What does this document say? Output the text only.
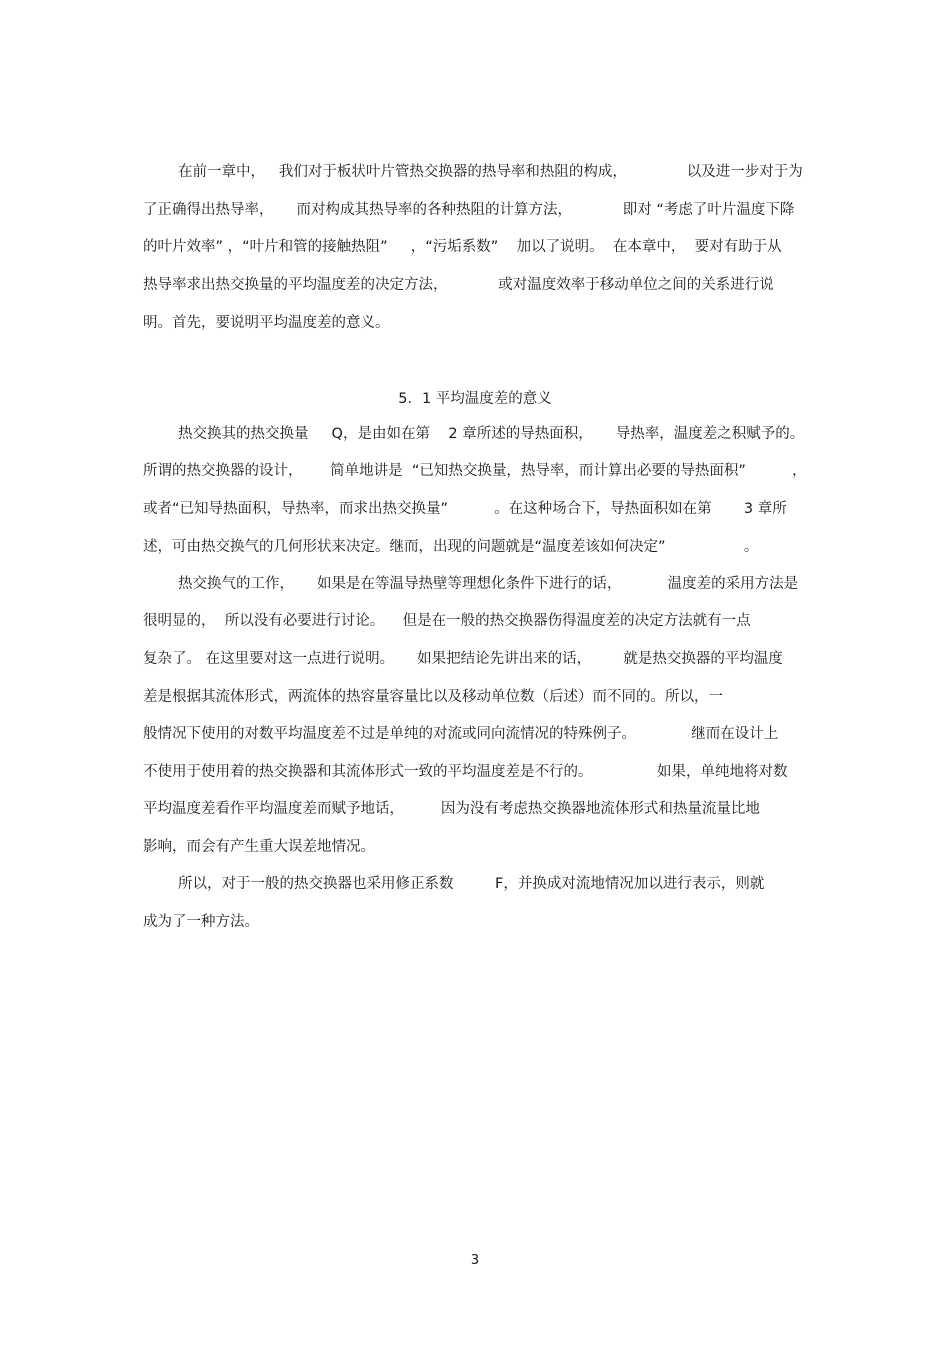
在前一章中，   我们对于板状叶片管热交换器的热导率和热阻的构成，             以及进一步对于为
了正确得出热导率，     而对构成其热导率的各种热阻的计算方法，           即对 “考虑了叶片温度下降
的叶片效率” ，“叶片和管的接触热阻”     ，“污垢系数”    加以了说明。  在本章中，  要对有助于从
热导率求出热交换量的平均温度差的决定方法，           或对温度效率于移动单位之间的关系进行说
明。首先，要说明平均温度差的意义。
5．1 平均温度差的意义
热交换其的热交换量     Q，是由如在第    2 章所述的导热面积，     导热率，温度差之积赋予的。
所谓的热交换器的设计，      简单地讲是  “已知热交换量，热导率，而计算出必要的导热面积”          ，
或者“已知导热面积，导热率，而求出热交换量”          。在这种场合下，导热面积如在第       3 章所
述，可由热交换气的几何形状来决定。继而，出现的问题就是“温度差该如何决定”                 。
热交换气的工作，     如果是在等温导热壁等理想化条件下进行的话，          温度差的采用方法是
很明显的，  所以没有必要进行讨论。    但是在一般的热交换器伤得温度差的决定方法就有一点
复杂了。 在这里要对这一点进行说明。     如果把结论先讲出来的话，       就是热交换器的平均温度
差是根据其流体形式，两流体的热容量容量比以及移动单位数（后述）而不同的。所以，一
般情况下使用的对数平均温度差不过是单纯的对流或同向流情况的特殊例子。            继而在设计上
不使用于使用着的热交换器和其流体形式一致的平均温度差是不行的。              如果，单纯地将对数
平均温度差看作平均温度差而赋予地话，        因为没有考虑热交换器地流体形式和热量流量比地
影响，而会有产生重大误差地情况。
所以，对于一般的热交换器也采用修正系数         F，并换成对流地情况加以进行表示，则就
成为了一种方法。
3
